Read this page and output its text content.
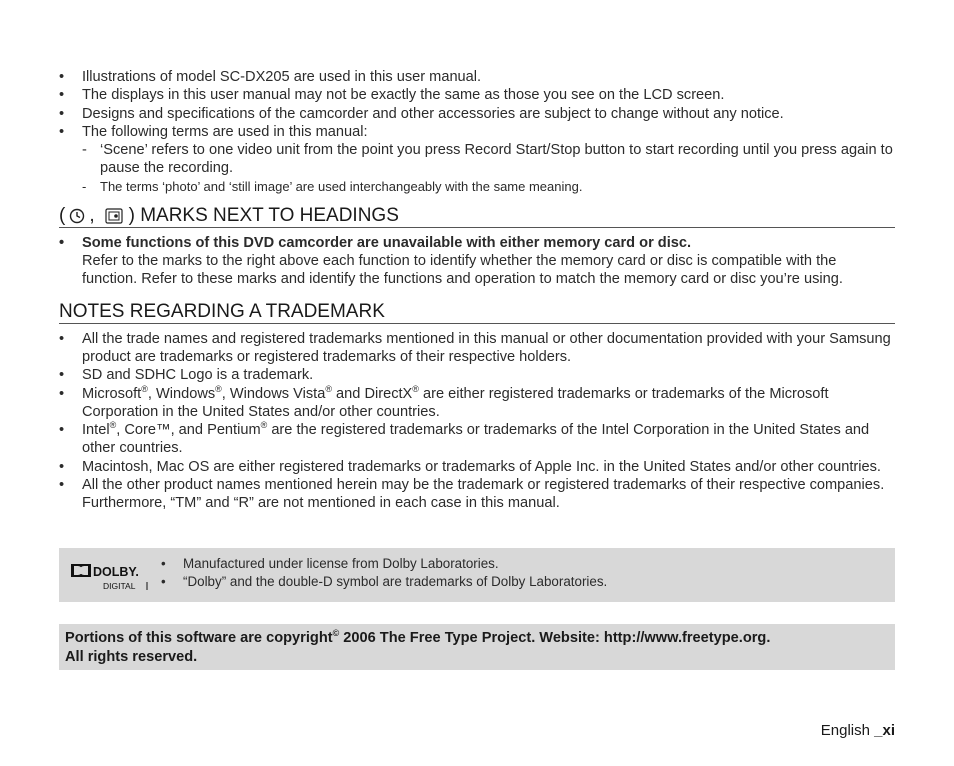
• Illustrations of model SC-DX205 are used in this user manual.
• The displays in this user manual may not be exactly the same as those you see on the LCD screen.
• Designs and specifications of the camcorder and other accessories are subject to change without any notice.
• The following terms are used in this manual:
- ‘Scene’ refers to one video unit from the point you press Record Start/Stop button to start recording until you press again to pause the recording.
- The terms ‘photo’ and ‘still image’ are used interchangeably with the same meaning.
( , ) MARKS NEXT TO HEADINGS
• Some functions of this DVD camcorder are unavailable with either memory card or disc.
Refer to the marks to the right above each function to identify whether the memory card or disc is compatible with the function. Refer to these marks and identify the functions and operation to match the memory card or disc you’re using.
NOTES REGARDING A TRADEMARK
• All the trade names and registered trademarks mentioned in this manual or other documentation provided with your Samsung product are trademarks or registered trademarks of their respective holders.
• SD and SDHC Logo is a trademark.
• Microsoft®, Windows®, Windows Vista® and DirectX® are either registered trademarks or trademarks of the Microsoft Corporation in the United States and/or other countries.
• Intel®, Core™, and Pentium® are the registered trademarks or trademarks of the Intel Corporation in the United States and other countries.
• Macintosh, Mac OS are either registered trademarks or trademarks of Apple Inc. in the United States and/or other countries.
• All the other product names mentioned herein may be the trademark or registered trademarks of their respective companies. Furthermore, “TM” and “R” are not mentioned in each case in this manual.
DOLBY.
DIGITAL
• Manufactured under license from Dolby Laboratories.
• “Dolby” and the double-D symbol are trademarks of Dolby Laboratories.
Portions of this software are copyright© 2006 The Free Type Project. Website: http://www.freetype.org.
All rights reserved.
English _xi
